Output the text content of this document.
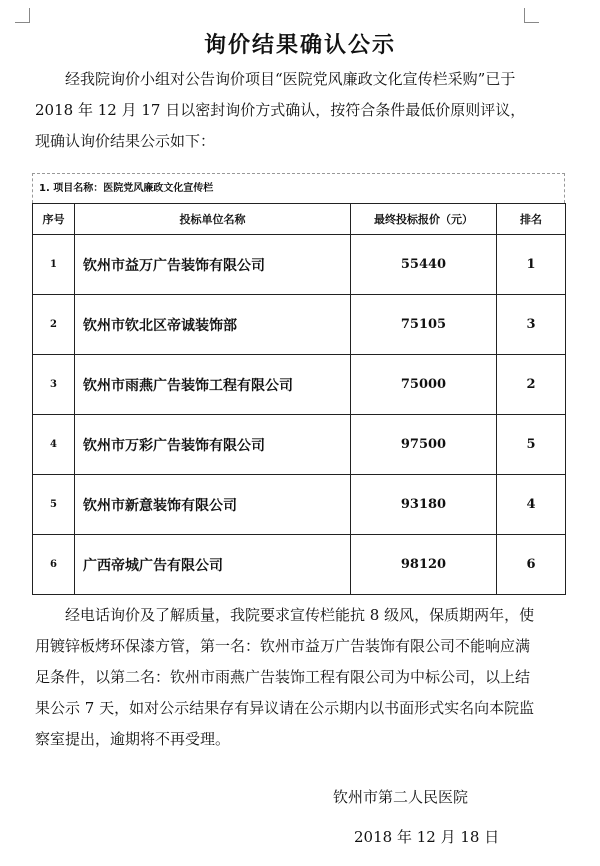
询价结果确认公示

经我院询价小组对公告询价项目“医院党风廉政文化宣传栏采购”已于 2018 年 12 月 17 日以密封询价方式确认，按符合条件最低价原则评议，现确认询价结果公示如下：

1. 项目名称：医院党风廉政文化宣传栏
序号	投标单位名称	最终投标报价（元）	排名
1	钦州市益万广告装饰有限公司	55440	1
2	钦州市钦北区帝诚装饰部	75105	3
3	钦州市雨燕广告装饰工程有限公司	75000	2
4	钦州市万彩广告装饰有限公司	97500	5
5	钦州市新意装饰有限公司	93180	4
6	广西帝城广告有限公司	98120	6

经电话询价及了解质量，我院要求宣传栏能抗 8 级风，保质期两年，使用镀锌板烤环保漆方管，第一名：钦州市益万广告装饰有限公司不能响应满足条件，以第二名：钦州市雨燕广告装饰工程有限公司为中标公司，以上结果公示 7 天，如对公示结果存有异议请在公示期内以书面形式实名向本院监察室提出，逾期将不再受理。

钦州市第二人民医院

2018 年 12 月 18 日
